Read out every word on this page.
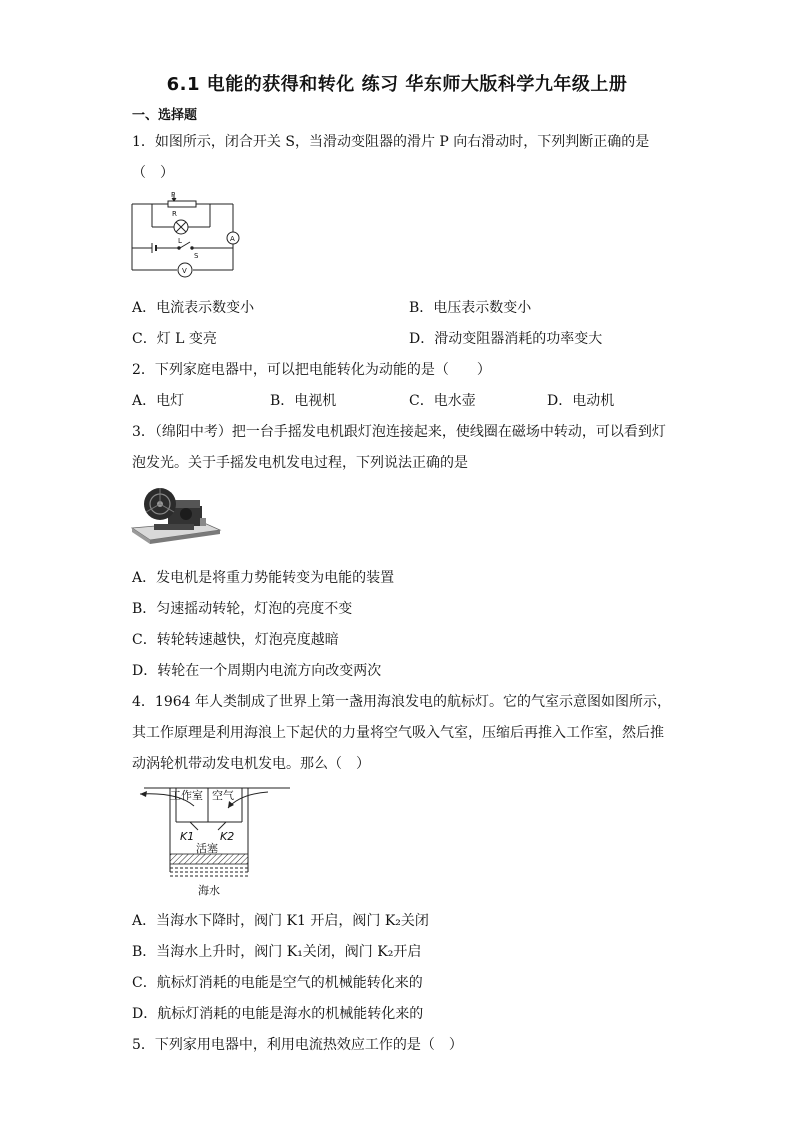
6.1 电能的获得和转化 练习 华东师大版科学九年级上册
一、选择题
1．如图所示，闭合开关 S，当滑动变阻器的滑片 P 向右滑动时，下列判断正确的是
（　）
P
R
L
S
A
V
A．电流表示数变小	B．电压表示数变小
C．灯 L 变亮	D．滑动变阻器消耗的功率变大
2．下列家庭电器中，可以把电能转化为动能的是（　　）
A．电灯	B．电视机	C．电水壶	D．电动机
3．（绵阳中考）把一台手摇发电机跟灯泡连接起来，使线圈在磁场中转动，可以看到灯
泡发光。关于手摇发电机发电过程，下列说法正确的是
A．发电机是将重力势能转变为电能的装置
B．匀速摇动转轮，灯泡的亮度不变
C．转轮转速越快，灯泡亮度越暗
D．转轮在一个周期内电流方向改变两次
4．1964 年人类制成了世界上第一盏用海浪发电的航标灯。它的气室示意图如图所示，
其工作原理是利用海浪上下起伏的力量将空气吸入气室，压缩后再推入工作室，然后推
动涡轮机带动发电机发电。那么（　）
工作室 空气
K1 K2
活塞
海水
A．当海水下降时，阀门 K1 开启，阀门 K₂关闭
B．当海水上升时，阀门 K₁关闭，阀门 K₂开启
C．航标灯消耗的电能是空气的机械能转化来的
D．航标灯消耗的电能是海水的机械能转化来的
5．下列家用电器中，利用电流热效应工作的是（　）
